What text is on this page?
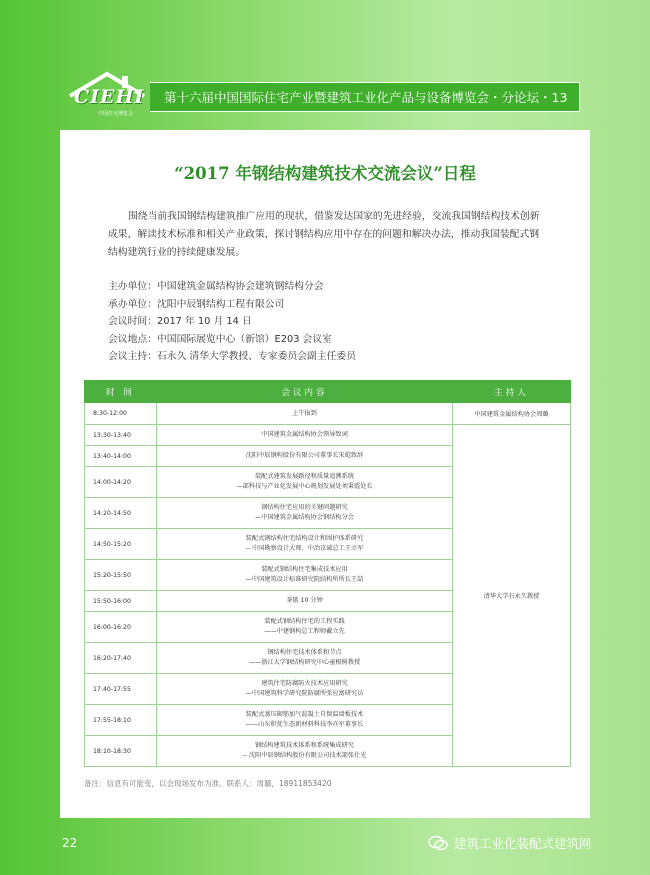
CIEHI
中国住宅博览会
第十六届中国国际住宅产业暨建筑工业化产品与设备博览会・分论坛・13
“2017 年钢结构建筑技术交流会议”日程

围绕当前我国钢结构建筑推广应用的现状，借鉴发达国家的先进经验，交流我国钢结构技术创新成果，解读技术标准和相关产业政策，探讨钢结构应用中存在的问题和解决办法，推动我国装配式钢结构建筑行业的持续健康发展。

主办单位：中国建筑金属结构协会建筑钢结构分会
承办单位：沈阳中辰钢结构工程有限公司
会议时间：2017 年 10 月 14 日
会议地点：中国国际展览中心（新馆）E203 会议室
会议主持：石永久 清华大学教授、专家委员会副主任委员
时 间	会议内容	主持人
8:30-12:00	上午报到	中国建筑金属结构协会周璐
13:30-13:40	中国建筑金属结构协会领导致词	清华大学石永久教授
13:40-14:00	沈阳中辰钢构股份有限公司董事长宋彪致辞	

14:00-14:20	装配式建筑发展路径和质量追溯系统
—部科技与产业化发展中心规划发展处刘秉霞处长	

14:20-14:50	钢结构住宅应用的关键问题研究
—中国建筑金属结构协会钢结构分会	

14:50-15:20	装配式钢结构住宅结构设计和围护体系研究
-- 中国勘察设计大师、中冶京诚总工王立军	

15:20-15:50	装配式钢结构住宅集成技术应用
—中国建筑设计标准研究院结构所所长王喆	

15:50-16:00	茶歇 10 分钟	

16:00-16:20	装配式钢结构住宅的工程实践
——中建钢构总工程师戴立先	

16:20-17:40	钢结构住宅技术体系和节点
——浙江大学钢结构研究中心童根树教授	

17:40-17:55	建筑住宅防腐防火技术应用研究
—中国建筑科学研究院防腐所张应富研究员	

17:55-18:10	装配式蒸压砌筋加气混凝土自保温墙板技术
——山东积优生态新材料科技李亦军董事长	

18:10-18:30	钢结构建筑技术体系和系统集成研究
-- 沈阳中辰钢结构股份有限公司技术部张仕光	
备注：信息有可能变，以会现场发布为准。联系人：周璐，18911853420
22	建筑工业化装配式建筑网
